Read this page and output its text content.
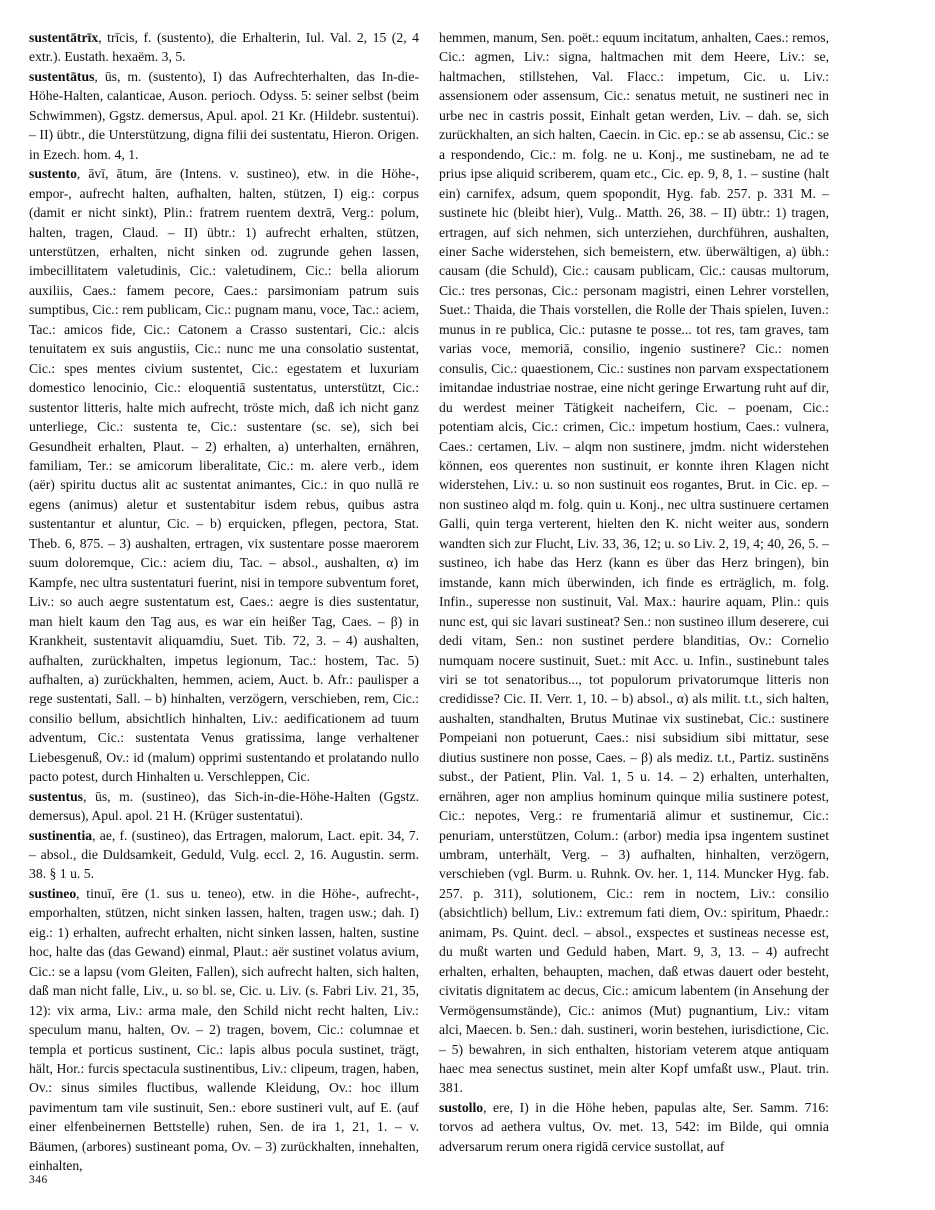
sustentātrīx, trīcis, f. (sustento), die Erhalterin, Iul. Val. 2, 15 (2, 4 extr.). Eustath. hexaëm. 3, 5.

sustentātus, ūs, m. (sustento), I) das Aufrechterhalten, das In-die-Höhe-Halten, calanticae, Auson. perioch. Odyss. 5: seiner selbst (beim Schwimmen), Ggstz. demersus, Apul. apol. 21 Kr. (Hildebr. sustentui). – II) übtr., die Unterstützung, digna filii dei sustentatu, Hieron. Origen. in Ezech. hom. 4, 1.

sustento, āvī, ātum, āre (Intens. v. sustineo), etw. in die Höhe-, empor-, aufrecht halten, aufhalten, halten, stützen, I) eig.: corpus (damit er nicht sinkt), Plin.: fratrem ruentem dextrā, Verg.: polum, halten, tragen, Claud. – II) übtr.: 1) aufrecht erhalten, stützen, unterstützen, erhalten, nicht sinken od. zugrunde gehen lassen, imbecillitatem valetudinis, Cic.: valetudinem, Cic.: bella aliorum auxiliis, Caes.: famem pecore, Caes.: parsimoniam patrum suis sumptibus, Cic.: rem publicam, Cic.: pugnam manu, voce, Tac.: aciem, Tac.: amicos fide, Cic.: Catonem a Crasso sustentari, Cic.: alcis tenuitatem ex suis angustiis, Cic.: nunc me una consolatio sustentat, Cic.: spes mentes civium sustentet, Cic.: egestatem et luxuriam domestico lenocinio, Cic.: eloquentiā sustentatus, unterstützt, Cic.: sustentor litteris, halte mich aufrecht, tröste mich, daß ich nicht ganz unterliege, Cic.: sustenta te, Cic.: sustentare (sc. se), sich bei Gesundheit erhalten, Plaut. – 2) erhalten, a) unterhalten, ernähren, familiam, Ter.: se amicorum liberalitate, Cic.: m. alere verb., idem (aër) spiritu ductus alit ac sustentat animantes, Cic.: in quo nullā re egens (animus) aletur et sustentabitur isdem rebus, quibus astra sustentantur et aluntur, Cic. – b) erquicken, pflegen, pectora, Stat. Theb. 6, 875. – 3) aushalten, ertragen, vix sustentare posse maerorem suum doloremque, Cic.: aciem diu, Tac. – absol., aushalten, α) im Kampfe, nec ultra sustentaturi fuerint, nisi in tempore subventum foret, Liv.: so auch aegre sustentatum est, Caes.: aegre is dies sustentatur, man hielt kaum den Tag aus, es war ein heißer Tag, Caes. – β) in Krankheit, sustentavit aliquamdiu, Suet. Tib. 72, 3. – 4) aushalten, aufhalten, zurückhalten, impetus legionum, Tac.: hostem, Tac. 5) aufhalten, a) zurückhalten, hemmen, aciem, Auct. b. Afr.: paulisper a rege sustentati, Sall. – b) hinhalten, verzögern, verschieben, rem, Cic.: consilio bellum, absichtlich hinhalten, Liv.: aedificationem ad tuum adventum, Cic.: sustentata Venus gratissima, lange verhaltener Liebesgenuß, Ov.: id (malum) opprimi sustentando et prolatando nullo pacto potest, durch Hinhalten u. Verschleppen, Cic.

sustentus, ūs, m. (sustineo), das Sich-in-die-Höhe-Halten (Ggstz. demersus), Apul. apol. 21 H. (Krüger sustentatui).

sustinentia, ae, f. (sustineo), das Ertragen, malorum, Lact. epit. 34, 7. – absol., die Duldsamkeit, Geduld, Vulg. eccl. 2, 16. Augustin. serm. 38. § 1 u. 5.

sustineo, tinuī, ēre (1. sus u. teneo), etw. in die Höhe-, aufrecht-, emporhalten, stützen, nicht sinken lassen, halten, tragen usw.; dah. I) eig.: 1) erhalten, aufrecht erhalten, nicht sinken lassen, halten, sustine hoc, halte das (das Gewand) einmal, Plaut.: aër sustinet volatus avium, Cic.: se a lapsu (vom Gleiten, Fallen), sich aufrecht halten, sich halten, daß man nicht falle, Liv., u. so bl. se, Cic. u. Liv. (s. Fabri Liv. 21, 35, 12): vix arma, Liv.: arma male, den Schild nicht recht halten, Liv.: speculum manu, halten, Ov. – 2) tragen, bovem, Cic.: columnae et templa et porticus sustinent, Cic.: lapis albus pocula sustinet, trägt, hält, Hor.: furcis spectacula sustinentibus, Liv.: clipeum, tragen, haben, Ov.: sinus similes fluctibus, wallende Kleidung, Ov.: hoc illum pavimentum tam vile sustinuit, Sen.: ebore sustineri vult, auf E. (auf einer elfenbeinernen Bettstelle) ruhen, Sen. de ira 1, 21, 1. – v. Bäumen, (arbores) sustineant poma, Ov. – 3) zurückhalten, innehalten, einhalten,

hemmen, manum, Sen. poët.: equum incitatum, anhalten, Caes.: remos, Cic.: agmen, Liv.: signa, haltmachen mit dem Heere, Liv.: se, haltmachen, stillstehen, Val. Flacc.: impetum, Cic. u. Liv.: assensionem oder assensum, Cic.: senatus metuit, ne sustineri nec in urbe nec in castris possit, Einhalt getan werden, Liv. – dah. se, sich zurückhalten, an sich halten, Caecin. in Cic. ep.: se ab assensu, Cic.: se a respondendo, Cic.: m. folg. ne u. Konj., me sustinebam, ne ad te prius ipse aliquid scriberem, quam etc., Cic. ep. 9, 8, 1. – sustine (halt ein) carnifex, adsum, quem spopondit, Hyg. fab. 257. p. 331 M. – sustinete hic (bleibt hier), Vulg.. Matth. 26, 38. – II) übtr.: 1) tragen, ertragen, auf sich nehmen, sich unterziehen, durchführen, aushalten, einer Sache widerstehen, sich bemeistern, etw. überwältigen, a) übh.: causam (die Schuld), Cic.: causam publicam, Cic.: causas multorum, Cic.: tres personas, Cic.: personam magistri, einen Lehrer vorstellen, Suet.: Thaida, die Thais vorstellen, die Rolle der Thais spielen, Iuven.: munus in re publica, Cic.: putasne te posse... tot res, tam graves, tam varias voce, memoriā, consilio, ingenio sustinere? Cic.: nomen consulis, Cic.: quaestionem, Cic.: sustines non parvam exspectationem imitandae industriae nostrae, eine nicht geringe Erwartung ruht auf dir, du werdest meiner Tätigkeit nacheifern, Cic. – poenam, Cic.: potentiam alcis, Cic.: crimen, Cic.: impetum hostium, Caes.: vulnera, Caes.: certamen, Liv. – alqm non sustinere, jmdm. nicht widerstehen können, eos querentes non sustinuit, er konnte ihren Klagen nicht widerstehen, Liv.: u. so non sustinuit eos rogantes, Brut. in Cic. ep. – non sustineo alqd m. folg. quin u. Konj., nec ultra sustinuere certamen Galli, quin terga verterent, hielten den K. nicht weiter aus, sondern wandten sich zur Flucht, Liv. 33, 36, 12; u. so Liv. 2, 19, 4; 40, 26, 5. – sustineo, ich habe das Herz (kann es über das Herz bringen), bin imstande, kann mich überwinden, ich finde es erträglich, m. folg. Infin., superesse non sustinuit, Val. Max.: haurire aquam, Plin.: quis nunc est, qui sic lavari sustineat? Sen.: non sustineo illum deserere, cui dedi vitam, Sen.: non sustinet perdere blanditias, Ov.: Cornelio numquam nocere sustinuit, Suet.: mit Acc. u. Infin., sustinebunt tales viri se tot senatoribus..., tot populorum privatorumque litteris non credidisse? Cic. II. Verr. 1, 10. – b) absol., α) als milit. t.t., sich halten, aushalten, standhalten, Brutus Mutinae vix sustinebat, Cic.: sustinere Pompeiani non potuerunt, Caes.: nisi subsidium sibi mittatur, sese diutius sustinere non posse, Caes. – β) als mediz. t.t., Partiz. sustinēns subst., der Patient, Plin. Val. 1, 5 u. 14. – 2) erhalten, unterhalten, ernähren, ager non amplius hominum quinque milia sustinere potest, Cic.: nepotes, Verg.: re frumentariā alimur et sustinemur, Cic.: penuriam, unterstützen, Colum.: (arbor) media ipsa ingentem sustinet umbram, unterhält, Verg. – 3) aufhalten, hinhalten, verzögern, verschieben (vgl. Burm. u. Ruhnk. Ov. her. 1, 114. Muncker Hyg. fab. 257. p. 311), solutionem, Cic.: rem in noctem, Liv.: consilio (absichtlich) bellum, Liv.: extremum fati diem, Ov.: spiritum, Phaedr.: animam, Ps. Quint. decl. – absol., exspectes et sustineas necesse est, du mußt warten und Geduld haben, Mart. 9, 3, 13. – 4) aufrecht erhalten, erhalten, behaupten, machen, daß etwas dauert oder besteht, civitatis dignitatem ac decus, Cic.: amicum labentem (in Ansehung der Vermögensumstände), Cic.: animos (Mut) pugnantium, Liv.: vitam alci, Maecen. b. Sen.: dah. sustineri, worin bestehen, iurisdictione, Cic. – 5) bewahren, in sich enthalten, historiam veterem atque antiquam haec mea senectus sustinet, mein alter Kopf umfaßt usw., Plaut. trin. 381.

sustollo, ere, I) in die Höhe heben, papulas alte, Ser. Samm. 716: torvos ad aethera vultus, Ov. met. 13, 542: im Bilde, qui omnia adversarum rerum onera rigidā cervice sustollat, auf

346
